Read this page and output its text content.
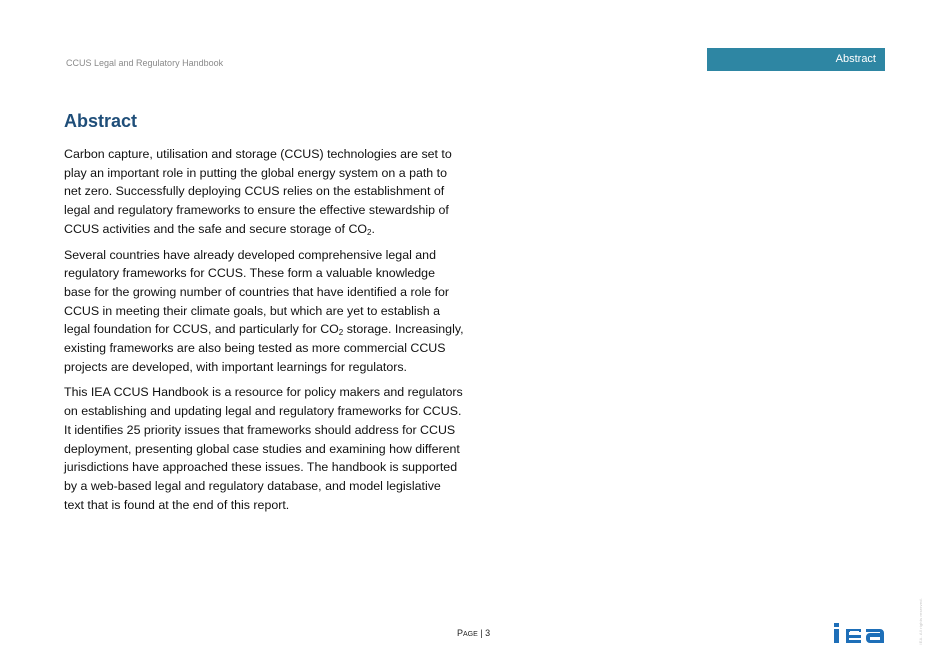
CCUS Legal and Regulatory Handbook	Abstract
Abstract

Carbon capture, utilisation and storage (CCUS) technologies are set to play an important role in putting the global energy system on a path to net zero. Successfully deploying CCUS relies on the establishment of legal and regulatory frameworks to ensure the effective stewardship of CCUS activities and the safe and secure storage of $CO_2$.

Several countries have already developed comprehensive legal and regulatory frameworks for CCUS. These form a valuable knowledge base for the growing number of countries that have identified a role for CCUS in meeting their climate goals, but which are yet to establish a legal foundation for CCUS, and particularly for $CO_2$ storage. Increasingly, existing frameworks are also being tested as more commercial CCUS projects are developed, with important learnings for regulators.

This IEA CCUS Handbook is a resource for policy makers and regulators on establishing and updating legal and regulatory frameworks for CCUS. It identifies 25 priority issues that frameworks should address for CCUS deployment, presenting global case studies and examining how different jurisdictions have approached these issues. The handbook is supported by a web-based legal and regulatory database, and model legislative text that is found at the end of this report.

PAGE | 3	IEA. All rights reserved.
